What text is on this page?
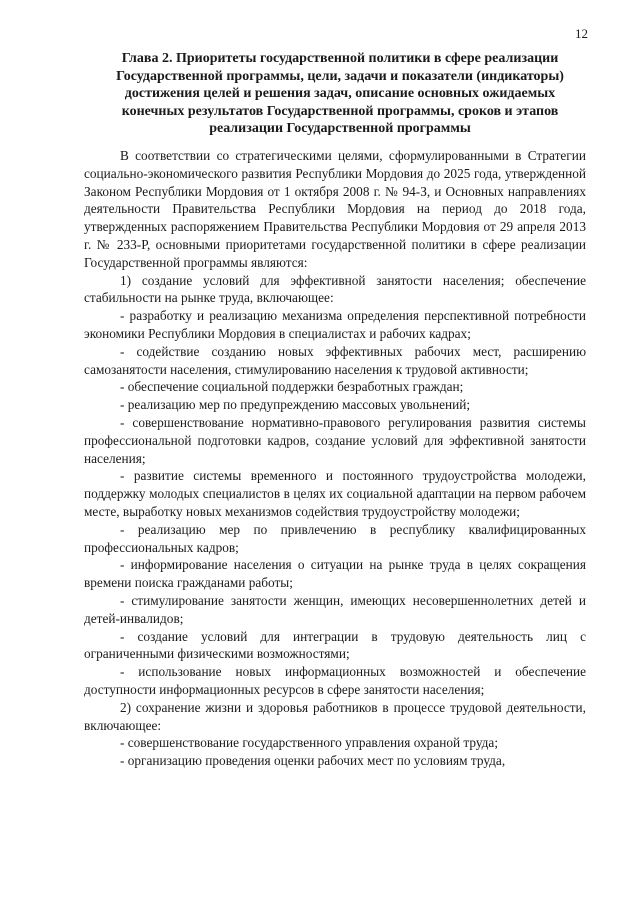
12
Глава 2. Приоритеты государственной политики в сфере реализации Государственной программы, цели, задачи и показатели (индикаторы) достижения целей и решения задач, описание основных ожидаемых конечных результатов Государственной программы, сроков и этапов реализации Государственной программы

В соответствии со стратегическими целями, сформулированными в Стратегии социально-экономического развития Республики Мордовия до 2025 года, утвержденной Законом Республики Мордовия от 1 октября 2008 г. № 94-З, и Основных направлениях деятельности Правительства Республики Мордовия на период до 2018 года, утвержденных распоряжением Правительства Республики Мордовия от 29 апреля 2013 г. № 233-Р, основными приоритетами государственной политики в сфере реализации Государственной программы являются:

1) создание условий для эффективной занятости населения; обеспечение стабильности на рынке труда, включающее:

- разработку и реализацию механизма определения перспективной потребности экономики Республики Мордовия в специалистах и рабочих кадрах;

- содействие созданию новых эффективных рабочих мест, расширению самозанятости населения, стимулированию населения к трудовой активности;

- обеспечение социальной поддержки безработных граждан;

- реализацию мер по предупреждению массовых увольнений;

- совершенствование нормативно-правового регулирования развития системы профессиональной подготовки кадров, создание условий для эффективной занятости населения;

- развитие системы временного и постоянного трудоустройства молодежи, поддержку молодых специалистов в целях их социальной адаптации на первом рабочем месте, выработку новых механизмов содействия трудоустройству молодежи;

- реализацию мер по привлечению в республику квалифицированных профессиональных кадров;

- информирование населения о ситуации на рынке труда в целях сокращения времени поиска гражданами работы;

- стимулирование занятости женщин, имеющих несовершеннолетних детей и детей-инвалидов;

- создание условий для интеграции в трудовую деятельность лиц с ограниченными физическими возможностями;

- использование новых информационных возможностей и обеспечение доступности информационных ресурсов в сфере занятости населения;

2) сохранение жизни и здоровья работников в процессе трудовой деятельности, включающее:

- совершенствование государственного управления охраной труда;

- организацию проведения оценки рабочих мест по условиям труда,
